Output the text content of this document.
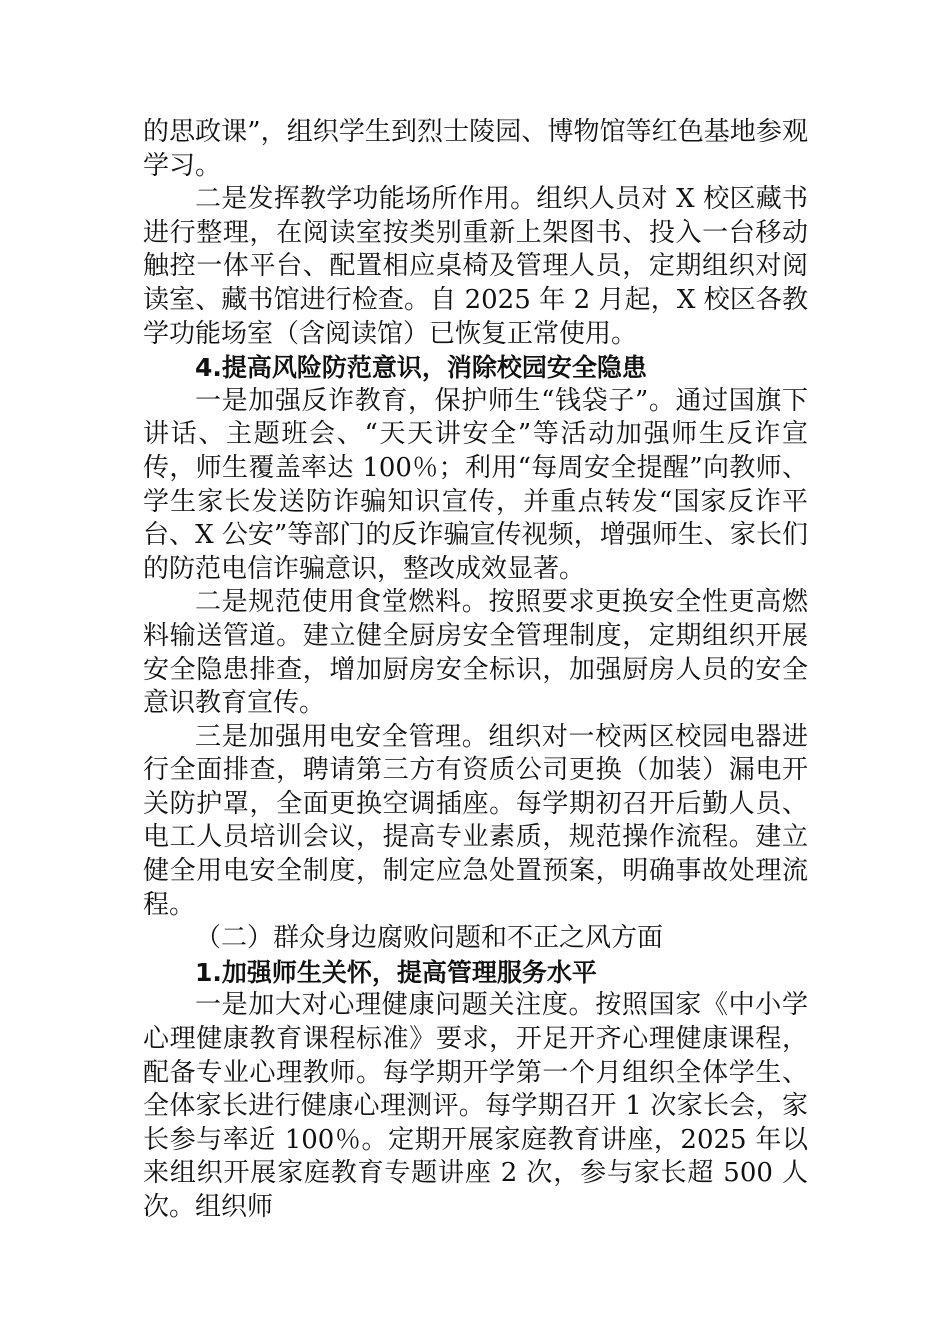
的思政课”，组织学生到烈士陵园、博物馆等红色基地参观学习。

二是发挥教学功能场所作用。组织人员对 X 校区藏书进行整理，在阅读室按类别重新上架图书、投入一台移动触控一体平台、配置相应桌椅及管理人员，定期组织对阅读室、藏书馆进行检查。自 2025 年 2 月起，X 校区各教学功能场室（含阅读馆）已恢复正常使用。

4.提高风险防范意识，消除校园安全隐患

一是加强反诈教育，保护师生“钱袋子”。通过国旗下讲话、主题班会、“天天讲安全”等活动加强师生反诈宣传，师生覆盖率达 100％；利用“每周安全提醒”向教师、学生家长发送防诈骗知识宣传，并重点转发“国家反诈平台、X 公安”等部门的反诈骗宣传视频，增强师生、家长们的防范电信诈骗意识，整改成效显著。

二是规范使用食堂燃料。按照要求更换安全性更高燃料输送管道。建立健全厨房安全管理制度，定期组织开展安全隐患排查，增加厨房安全标识，加强厨房人员的安全意识教育宣传。

三是加强用电安全管理。组织对一校两区校园电器进行全面排查，聘请第三方有资质公司更换（加装）漏电开关防护罩，全面更换空调插座。每学期初召开后勤人员、电工人员培训会议，提高专业素质，规范操作流程。建立健全用电安全制度，制定应急处置预案，明确事故处理流程。

（二）群众身边腐败问题和不正之风方面

1.加强师生关怀，提高管理服务水平

一是加大对心理健康问题关注度。按照国家《中小学心理健康教育课程标准》要求，开足开齐心理健康课程，配备专业心理教师。每学期开学第一个月组织全体学生、全体家长进行健康心理测评。每学期召开 1 次家长会，家长参与率近 100％。定期开展家庭教育讲座，2025 年以来组织开展家庭教育专题讲座 2 次，参与家长超 500 人次。组织师
